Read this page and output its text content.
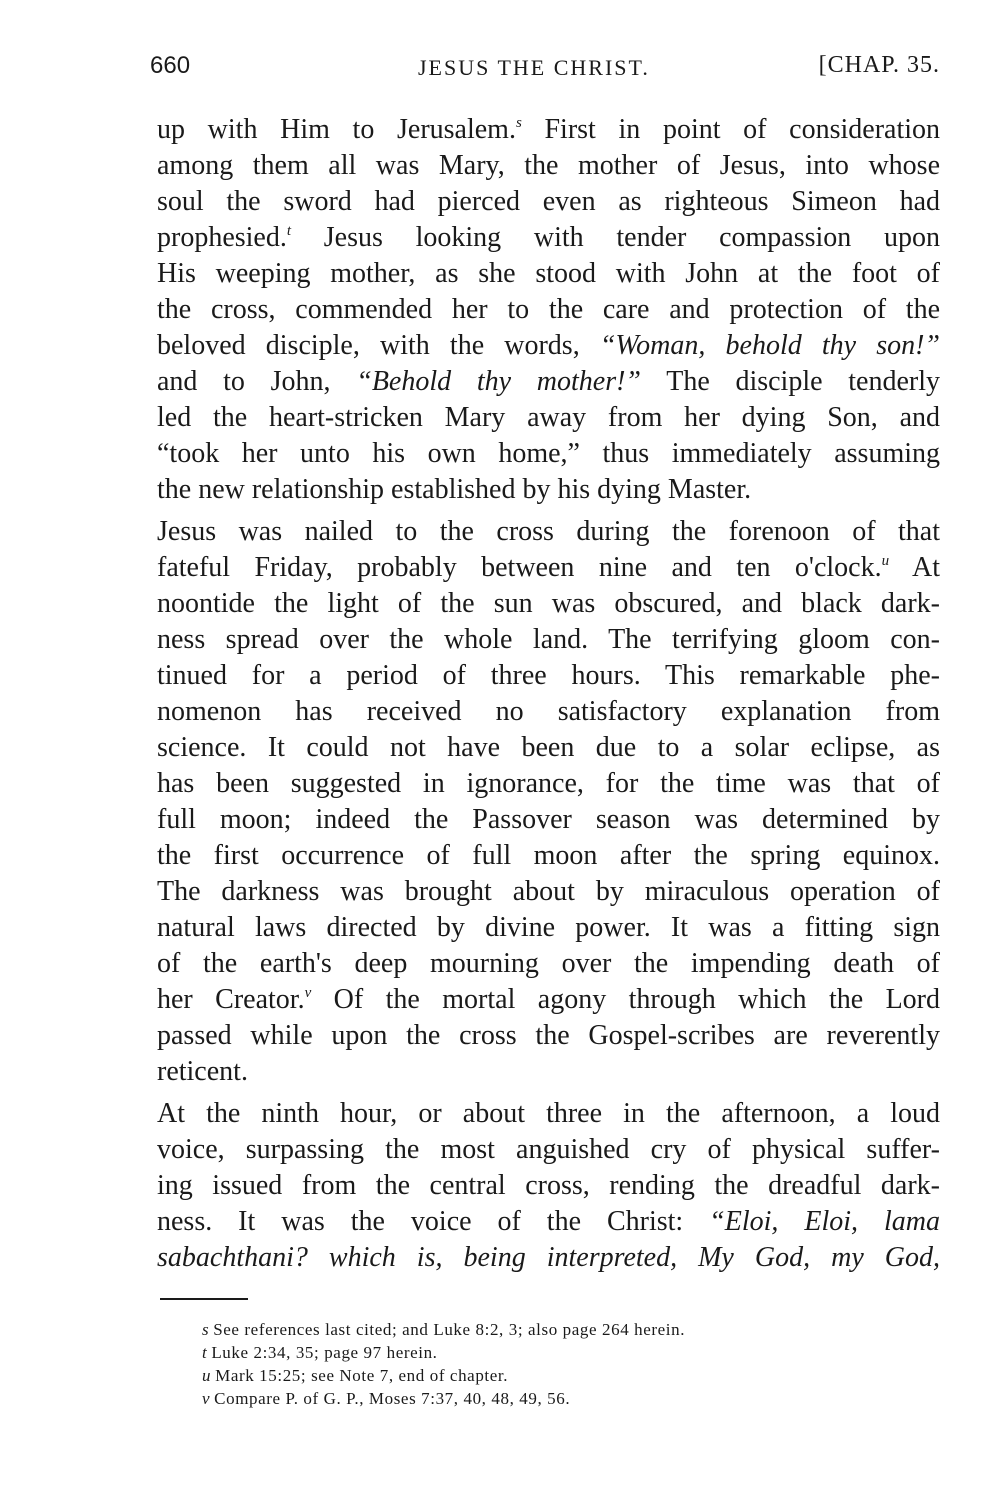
660	JESUS THE CHRIST.	[CHAP. 35.
up with Him to Jerusalem.$^s$ First in point of consideration
among them all was Mary, the mother of Jesus, into whose
soul the sword had pierced even as righteous Simeon had
prophesied.$^t$ Jesus looking with tender compassion upon
His weeping mother, as she stood with John at the foot of
the cross, commended her to the care and protection of the
beloved disciple, with the words, “Woman, behold thy son!”
and to John, “Behold thy mother!” The disciple tenderly
led the heart-stricken Mary away from her dying Son, and
“took her unto his own home,” thus immediately assuming
the new relationship established by his dying Master.
Jesus was nailed to the cross during the forenoon of that
fateful Friday, probably between nine and ten o'clock.$^u$ At
noontide the light of the sun was obscured, and black dark-
ness spread over the whole land. The terrifying gloom con-
tinued for a period of three hours. This remarkable phe-
nomenon has received no satisfactory explanation from
science. It could not have been due to a solar eclipse, as
has been suggested in ignorance, for the time was that of
full moon; indeed the Passover season was determined by
the first occurrence of full moon after the spring equinox.
The darkness was brought about by miraculous operation of
natural laws directed by divine power. It was a fitting sign
of the earth's deep mourning over the impending death of
her Creator.$^v$ Of the mortal agony through which the Lord
passed while upon the cross the Gospel-scribes are reverently
reticent.
At the ninth hour, or about three in the afternoon, a loud
voice, surpassing the most anguished cry of physical suffer-
ing issued from the central cross, rending the dreadful dark-
ness. It was the voice of the Christ: “Eloi, Eloi, lama
sabachthani? which is, being interpreted, My God, my God,
s See references last cited; and Luke 8:2, 3; also page 264 herein.
t Luke 2:34, 35; page 97 herein.
u Mark 15:25; see Note 7, end of chapter.
v Compare P. of G. P., Moses 7:37, 40, 48, 49, 56.
